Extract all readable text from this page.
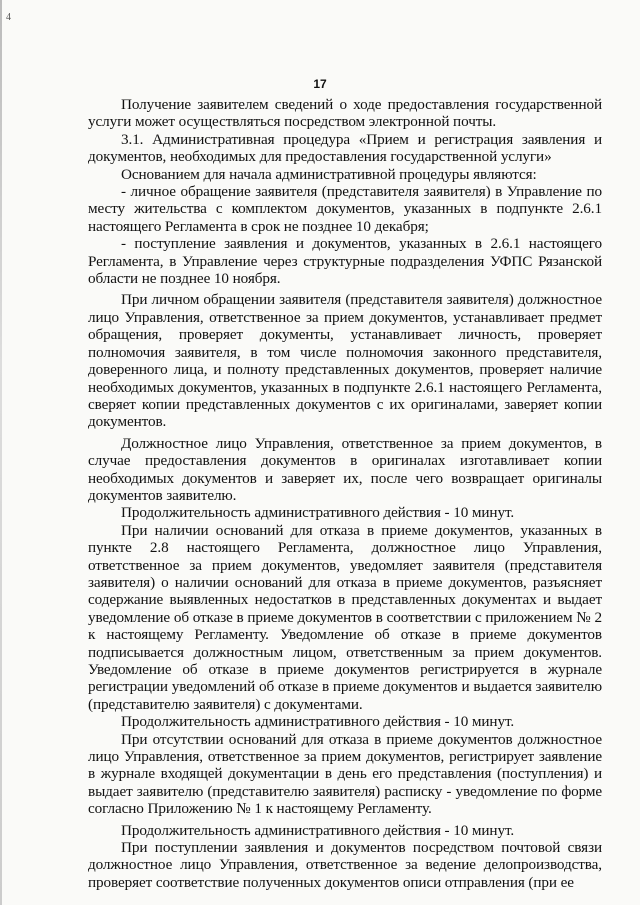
4
17

Получение заявителем сведений о ходе предоставления государственной услуги может осуществляться посредством электронной почты.

3.1. Административная процедура «Прием и регистрация заявления и документов, необходимых для предоставления государственной услуги»

Основанием для начала административной процедуры являются:

- личное обращение заявителя (представителя заявителя) в Управление по месту жительства с комплектом документов, указанных в подпункте 2.6.1 настоящего Регламента в срок не позднее 10 декабря;

- поступление заявления и документов, указанных в 2.6.1 настоящего Регламента, в Управление через структурные подразделения УФПС Рязанской области не позднее 10 ноября.

При личном обращении заявителя (представителя заявителя) должностное лицо Управления, ответственное за прием документов, устанавливает предмет обращения, проверяет документы, устанавливает личность, проверяет полномочия заявителя, в том числе полномочия законного представителя, доверенного лица, и полноту представленных документов, проверяет наличие необходимых документов, указанных в подпункте 2.6.1 настоящего Регламента, сверяет копии представленных документов с их оригиналами, заверяет копии документов.

Должностное лицо Управления, ответственное за прием документов, в случае предоставления документов в оригиналах изготавливает копии необходимых документов и заверяет их, после чего возвращает оригиналы документов заявителю.

Продолжительность административного действия - 10 минут.

При наличии оснований для отказа в приеме документов, указанных в пункте 2.8 настоящего Регламента, должностное лицо Управления, ответственное за прием документов, уведомляет заявителя (представителя заявителя) о наличии оснований для отказа в приеме документов, разъясняет содержание выявленных недостатков в представленных документах и выдает уведомление об отказе в приеме документов в соответствии с приложением № 2 к настоящему Регламенту. Уведомление об отказе в приеме документов подписывается должностным лицом, ответственным за прием документов. Уведомление об отказе в приеме документов регистрируется в журнале регистрации уведомлений об отказе в приеме документов и выдается заявителю (представителю заявителя) с документами.

Продолжительность административного действия - 10 минут.

При отсутствии оснований для отказа в приеме документов должностное лицо Управления, ответственное за прием документов, регистрирует заявление в журнале входящей документации в день его представления (поступления) и выдает заявителю (представителю заявителя) расписку - уведомление по форме согласно Приложению № 1 к настоящему Регламенту.

Продолжительность административного действия - 10 минут.

При поступлении заявления и документов посредством почтовой связи должностное лицо Управления, ответственное за ведение делопроизводства, проверяет соответствие полученных документов описи отправления (при ее
